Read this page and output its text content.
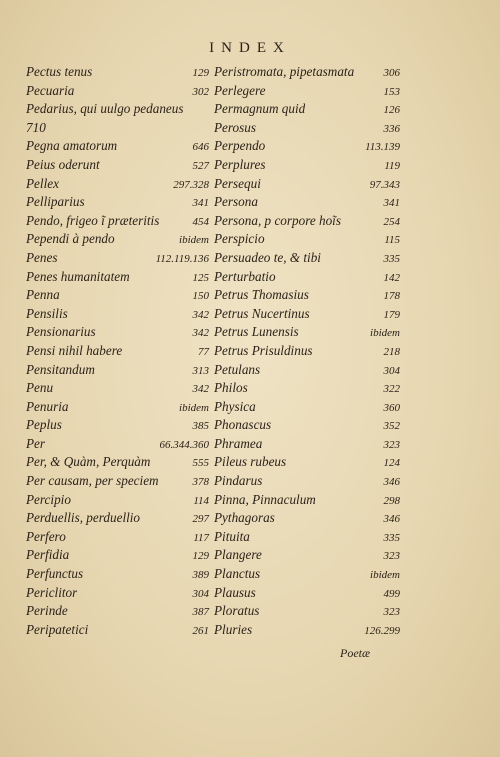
INDEX
Pectus tenus	129
Pecuaria	302
Pedarius, qui uulgo pedaneus
710
Pegna amatorum	646
Peius oderunt	527
Pellex	297.328
Pelliparius	341
Pendo, frigeo ĩ præteritis	454
Pependi à pendo	ibidem
Penes	112.119.136
Penes humanitatem	125
Penna	150
Pensilis	342
Pensionarius	342
Pensi nihil habere	77
Pensitandum	313
Penu	342
Penuria	ibidem
Peplus	385
Per	66.344.360
Per, & Quàm, Perquàm	555
Per causam, per speciem	378
Percipio	114
Perduellis, perduellio	297
Perfero	117
Perfidia	129
Perfunctus	389
Periclitor	304
Perinde	387
Peripatetici	261
Peristromata, pipetasmata	306
Perlegere	153
Permagnum quid	126
Perosus	336
Perpendo	113.139
Perplures	119
Persequi	97.343
Persona	341
Persona, p corpore hoĩs	254
Perspicio	115
Persuadeo te, & tibi	335
Perturbatio	142
Petrus Thomasius	178
Petrus Nucertinus	179
Petrus Lunensis	ibidem
Petrus Prisuldinus	218
Petulans	304
Philos	322
Physica	360
Phonascus	352
Phramea	323
Pileus rubeus	124
Pindarus	346
Pinna, Pinnaculum	298
Pythagoras	346
Pituita	335
Plangere	323
Planctus	ibidem
Plausus	499
Ploratus	323
Pluries	126.299
Poetæ
